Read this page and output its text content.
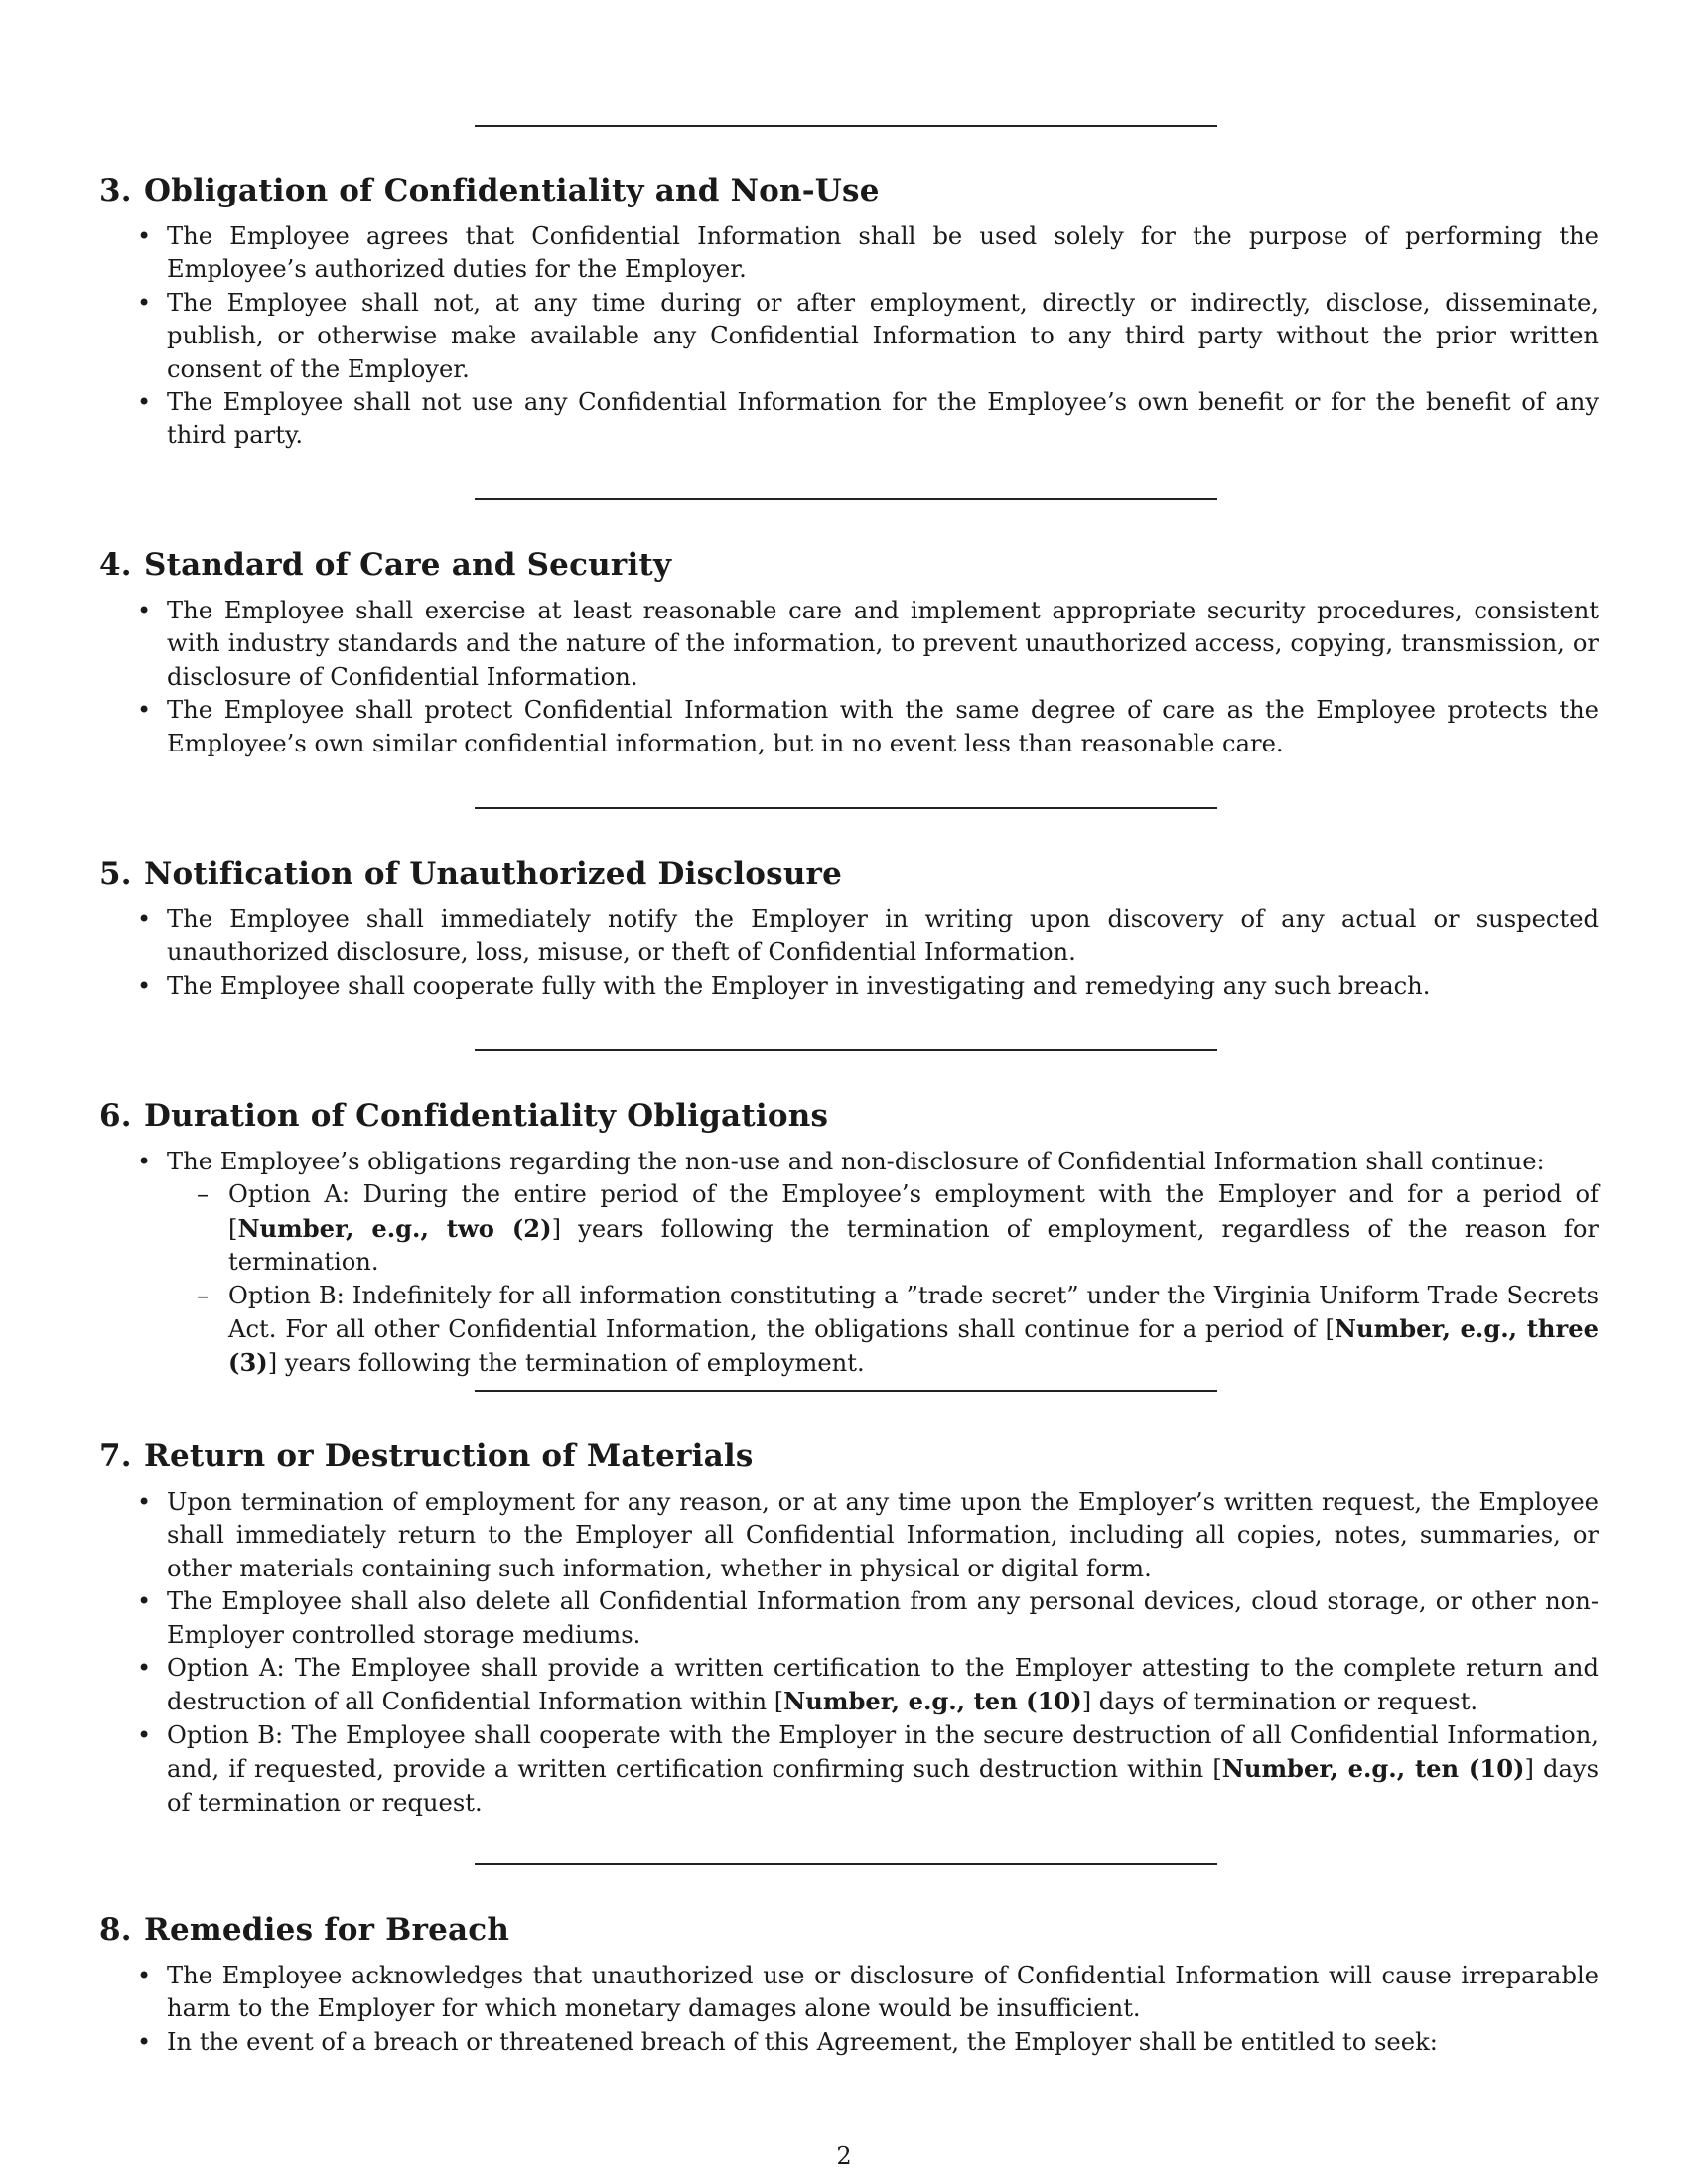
3. Obligation of Confidentiality and Non-Use
• The Employee agrees that Confidential Information shall be used solely for the purpose of performing the Employee’s authorized duties for the Employer.
• The Employee shall not, at any time during or after employment, directly or indirectly, disclose, disseminate, publish, or otherwise make available any Confidential Information to any third party without the prior written consent of the Employer.
• The Employee shall not use any Confidential Information for the Employee’s own benefit or for the benefit of any third party.
4. Standard of Care and Security
• The Employee shall exercise at least reasonable care and implement appropriate security procedures, consistent with industry standards and the nature of the information, to prevent unauthorized access, copying, transmission, or disclosure of Confidential Information.
• The Employee shall protect Confidential Information with the same degree of care as the Employee protects the Employee’s own similar confidential information, but in no event less than reasonable care.
5. Notification of Unauthorized Disclosure
• The Employee shall immediately notify the Employer in writing upon discovery of any actual or suspected unauthorized disclosure, loss, misuse, or theft of Confidential Information.
• The Employee shall cooperate fully with the Employer in investigating and remedying any such breach.
6. Duration of Confidentiality Obligations
• The Employee’s obligations regarding the non-use and non-disclosure of Confidential Information shall continue:
– Option A: During the entire period of the Employee’s employment with the Employer and for a period of [Number, e.g., two (2)] years following the termination of employment, regardless of the reason for termination.
– Option B: Indefinitely for all information constituting a ”trade secret” under the Virginia Uniform Trade Secrets Act. For all other Confidential Information, the obligations shall continue for a period of [Number, e.g., three (3)] years following the termination of employment.
7. Return or Destruction of Materials
• Upon termination of employment for any reason, or at any time upon the Employer’s written request, the Employee shall immediately return to the Employer all Confidential Information, including all copies, notes, summaries, or other materials containing such information, whether in physical or digital form.
• The Employee shall also delete all Confidential Information from any personal devices, cloud storage, or other non-Employer controlled storage mediums.
• Option A: The Employee shall provide a written certification to the Employer attesting to the complete return and destruction of all Confidential Information within [Number, e.g., ten (10)] days of termination or request.
• Option B: The Employee shall cooperate with the Employer in the secure destruction of all Confidential Information, and, if requested, provide a written certification confirming such destruction within [Number, e.g., ten (10)] days of termination or request.
8. Remedies for Breach
• The Employee acknowledges that unauthorized use or disclosure of Confidential Information will cause irreparable harm to the Employer for which monetary damages alone would be insufficient.
• In the event of a breach or threatened breach of this Agreement, the Employer shall be entitled to seek:
2
